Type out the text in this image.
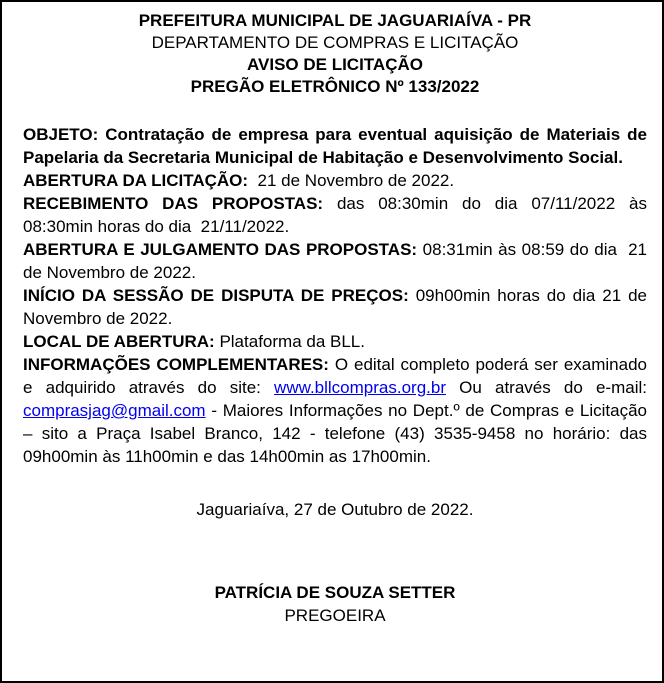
PREFEITURA MUNICIPAL DE JAGUARIAÍVA - PR
DEPARTAMENTO DE COMPRAS E LICITAÇÃO
AVISO DE LICITAÇÃO
PREGÃO ELETRÔNICO Nº 133/2022

OBJETO: Contratação de empresa para eventual aquisição de Materiais de Papelaria da Secretaria Municipal de Habitação e Desenvolvimento Social.

ABERTURA DA LICITAÇÃO:  21 de Novembro de 2022.

RECEBIMENTO DAS PROPOSTAS: das 08:30min do dia 07/11/2022 às 08:30min horas do dia  21/11/2022.

ABERTURA E JULGAMENTO DAS PROPOSTAS: 08:31min às 08:59 do dia  21 de Novembro de 2022.

INÍCIO DA SESSÃO DE DISPUTA DE PREÇOS: 09h00min horas do dia 21 de Novembro de 2022.

LOCAL DE ABERTURA: Plataforma da BLL.

INFORMAÇÕES COMPLEMENTARES: O edital completo poderá ser examinado e adquirido através do site: www.bllcompras.org.br Ou através do e-mail: comprasjag@gmail.com - Maiores Informações no Dept.º de Compras e Licitação – sito a Praça Isabel Branco, 142 - telefone (43) 3535-9458 no horário: das 09h00min às 11h00min e das 14h00min as 17h00min.

Jaguariaíva, 27 de Outubro de 2022.
PATRÍCIA DE SOUZA SETTER
PREGOEIRA
